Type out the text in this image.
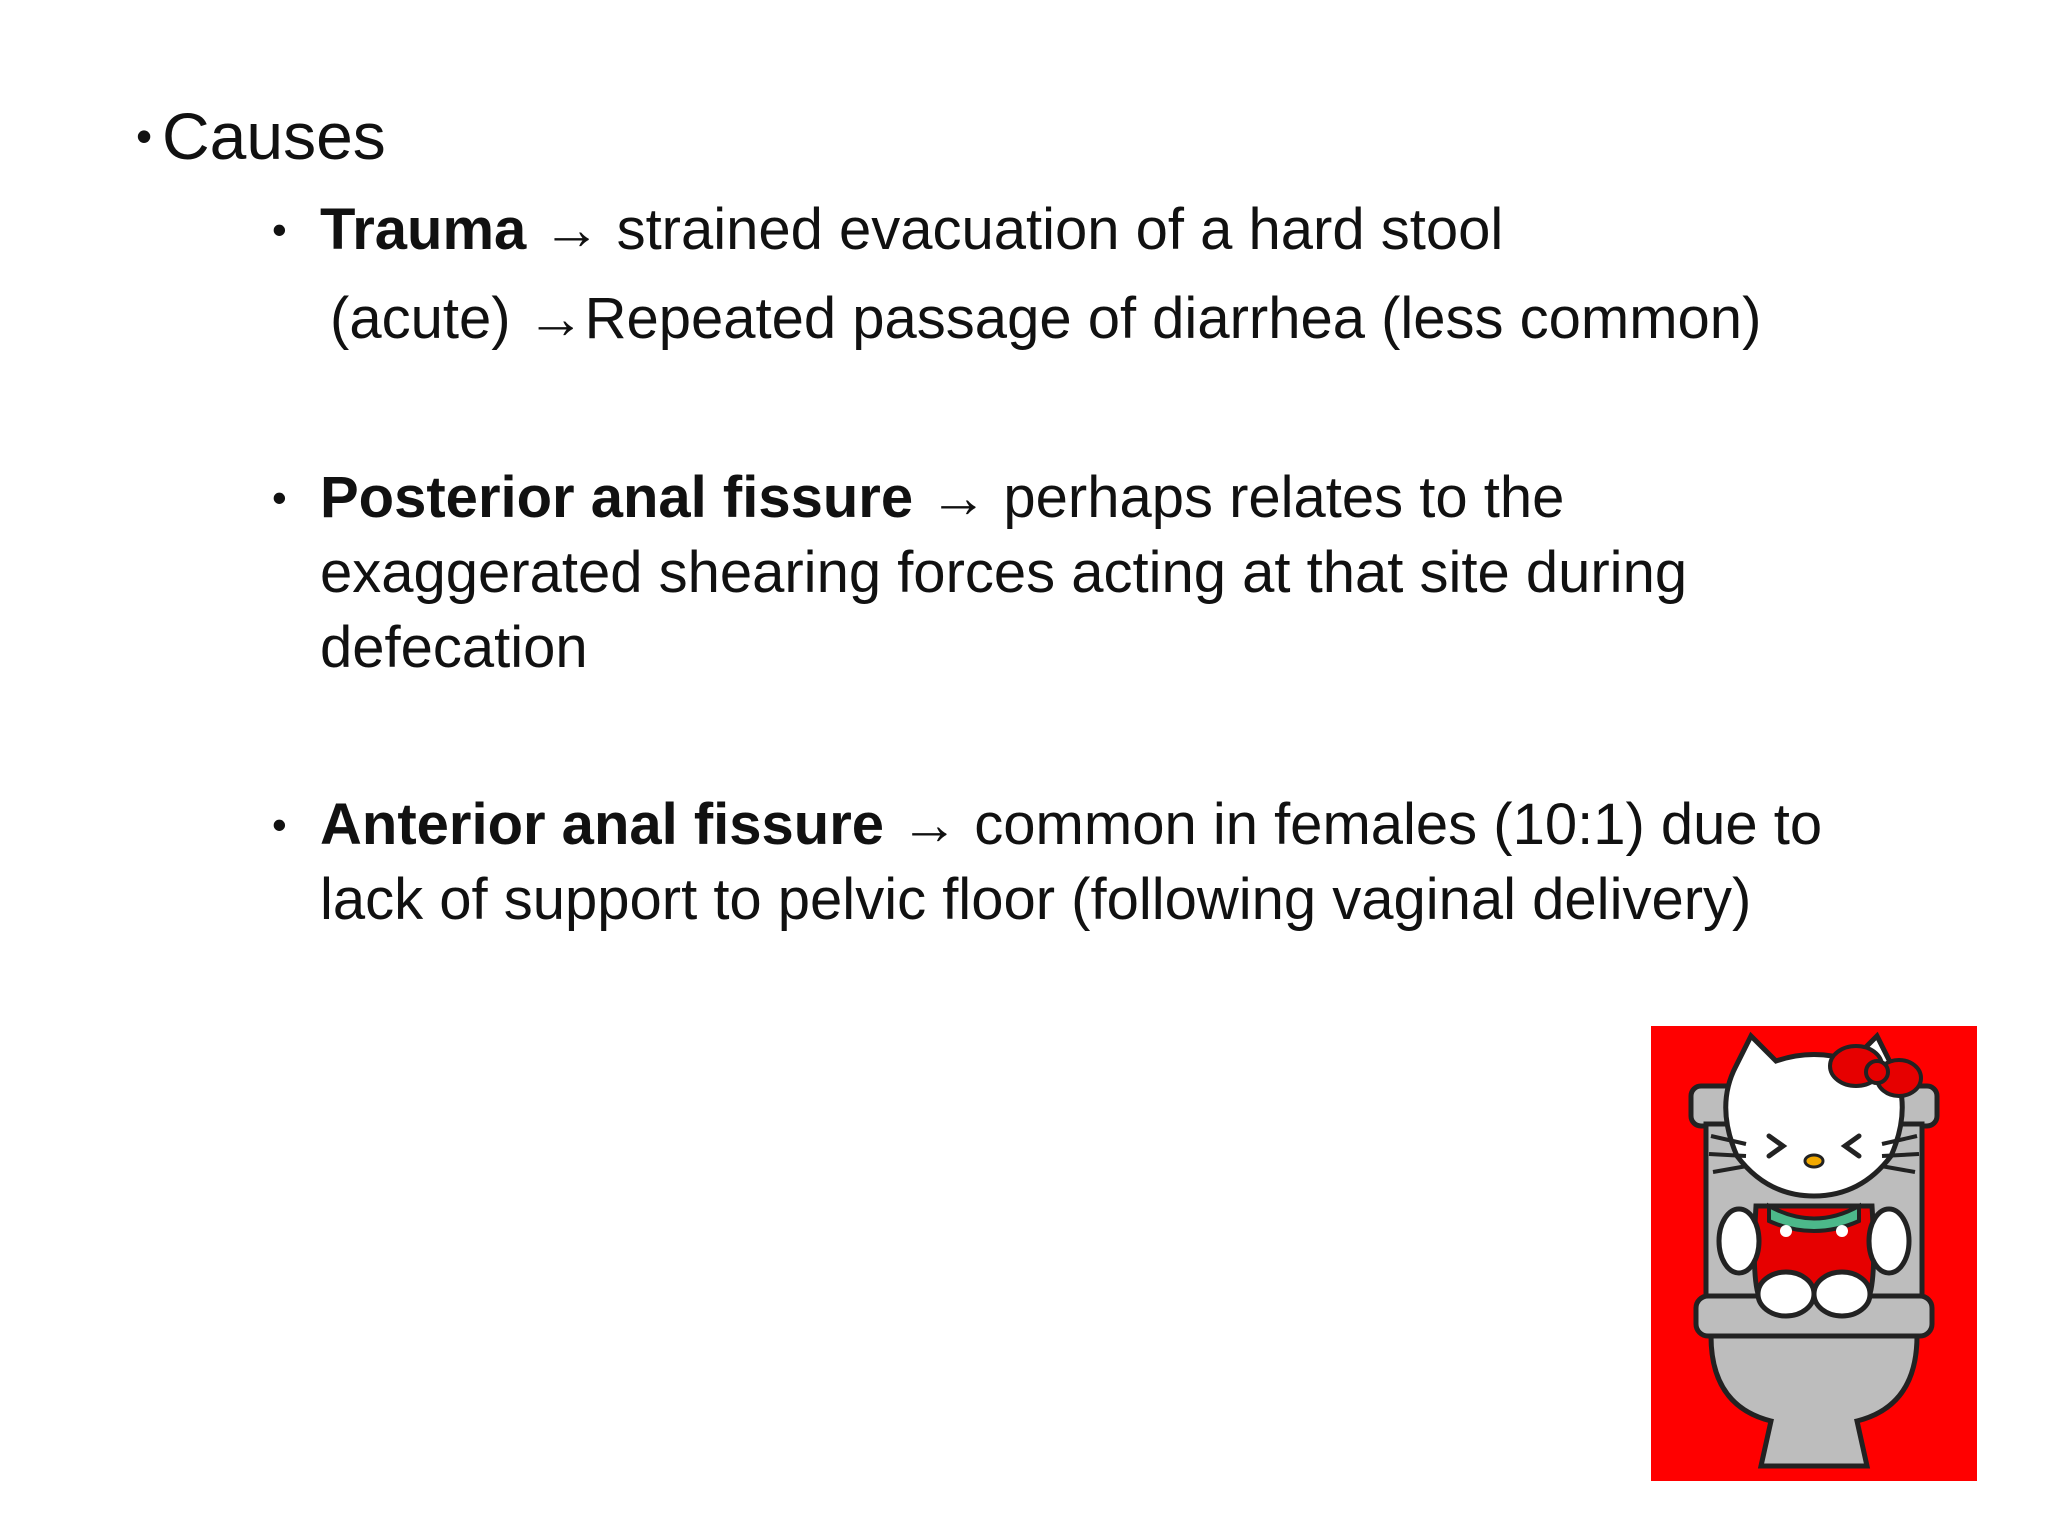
• Causes
• Trauma → strained evacuation of a hard stool
(acute) →Repeated passage of diarrhea (less common)
• Posterior anal fissure → perhaps relates to the
exaggerated shearing forces acting at that site during
defecation
• Anterior anal fissure → common in females (10:1) due to
lack of support to pelvic floor (following vaginal delivery)
